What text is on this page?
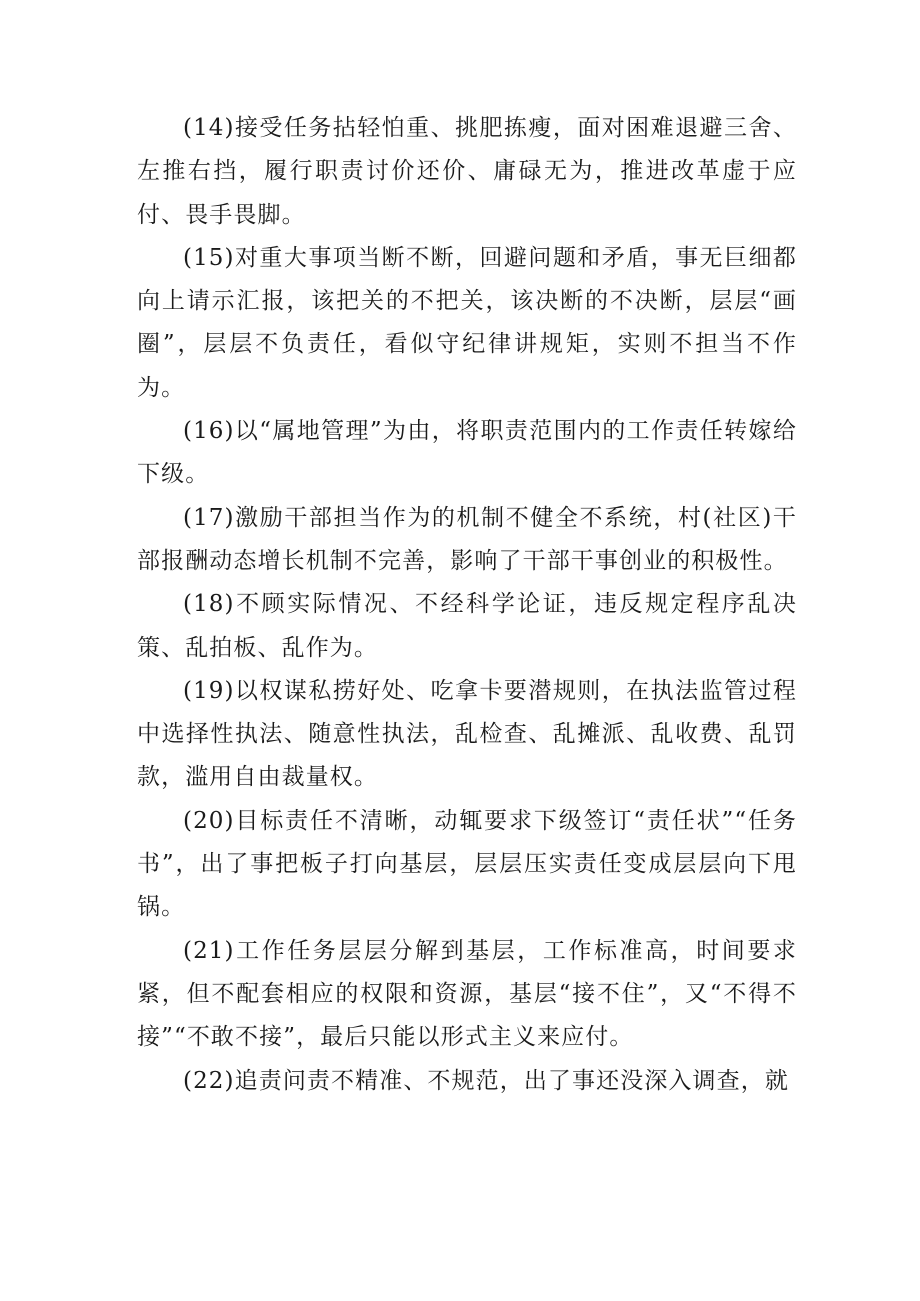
(14)接受任务拈轻怕重、挑肥拣瘦，面对困难退避三舍、左推右挡，履行职责讨价还价、庸碌无为，推进改革虚于应付、畏手畏脚。

(15)对重大事项当断不断，回避问题和矛盾，事无巨细都向上请示汇报，该把关的不把关，该决断的不决断，层层“画圈”，层层不负责任，看似守纪律讲规矩，实则不担当不作为。

(16)以“属地管理”为由，将职责范围内的工作责任转嫁给下级。

(17)激励干部担当作为的机制不健全不系统，村(社区)干部报酬动态增长机制不完善，影响了干部干事创业的积极性。

(18)不顾实际情况、不经科学论证，违反规定程序乱决策、乱拍板、乱作为。

(19)以权谋私捞好处、吃拿卡要潜规则，在执法监管过程中选择性执法、随意性执法，乱检查、乱摊派、乱收费、乱罚款，滥用自由裁量权。

(20)目标责任不清晰，动辄要求下级签订“责任状”“任务书”，出了事把板子打向基层，层层压实责任变成层层向下甩锅。

(21)工作任务层层分解到基层，工作标准高，时间要求紧，但不配套相应的权限和资源，基层“接不住”，又“不得不接”“不敢不接”，最后只能以形式主义来应付。

(22)追责问责不精准、不规范，出了事还没深入调查，就
